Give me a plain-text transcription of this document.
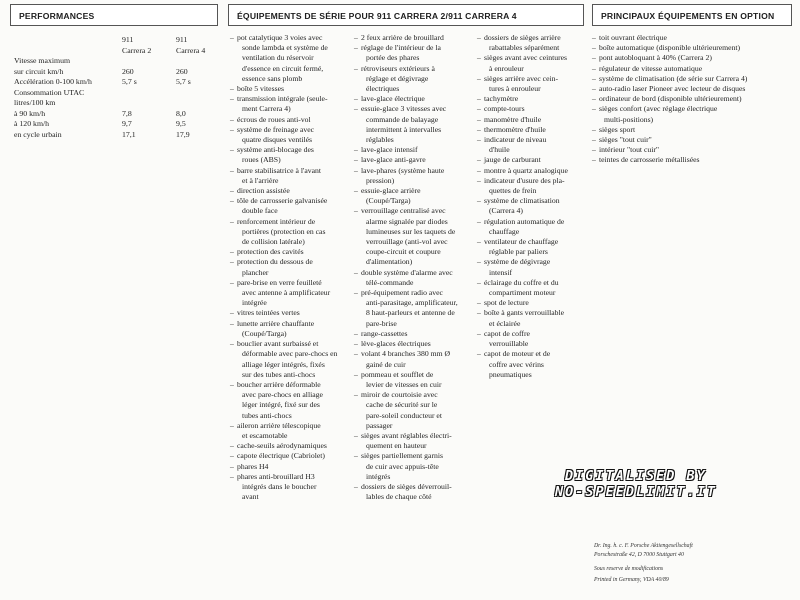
PERFORMANCES	ÉQUIPEMENTS DE SÉRIE POUR 911 CARRERA 2/911 CARRERA 4	PRINCIPAUX ÉQUIPEMENTS EN OPTION
911	911
Carrera 2	Carrera 4
Vitesse maximum
sur circuit km/h	260	260
Accélération 0-100 km/h	5,7 s	5,7 s
Consommation UTAC
litres/100 km
à 90 km/h	7,8	8,0
à 120 km/h	9,7	9,5
en cycle urbain	17,1	17,9
– pot catalytique 3 voies avec
sonde lambda et système de
ventilation du réservoir
d'essence en circuit fermé,
essence sans plomb
– boîte 5 vitesses
– transmission intégrale (seule-
ment Carrera 4)
– écrous de roues anti-vol
– système de freinage avec
quatre disques ventilés
– système anti-blocage des
roues (ABS)
– barre stabilisatrice à l'avant
et à l'arrière
– direction assistée
– tôle de carrosserie galvanisée
double face
– renforcement intérieur de
portières (protection en cas
de collision latérale)
– protection des cavités
– protection du dessous de
plancher
– pare-brise en verre feuilleté
avec antenne à amplificateur
intégrée
– vitres teintées vertes
– lunette arrière chauffante
(Coupé/Targa)
– bouclier avant surbaissé et
déformable avec pare-chocs en
alliage léger intégrés, fixés
sur des tubes anti-chocs
– boucher arrière déformable
avec pare-chocs en alliage
léger intégré, fixé sur des
tubes anti-chocs
– aileron arrière télescopique
et escamotable
– cache-seuils aérodynamiques
– capote électrique (Cabriolet)
– phares H4
– phares anti-brouillard H3
intégrés dans le boucher
avant
– 2 feux arrière de brouillard
– réglage de l'intérieur de la
portée des phares
– rétroviseurs extérieurs à
réglage et dégivrage
électriques
– lave-glace électrique
– essuie-glace 3 vitesses avec
commande de balayage
intermittent à intervalles
réglables
– lave-glace intensif
– lave-glace anti-gavre
– lave-phares (système haute
pression)
– essuie-glace arrière
(Coupé/Targa)
– verrouillage centralisé avec
alarme signalée par diodes
lumineuses sur les taquets de
verrouillage (anti-vol avec
coupe-circuit et coupure
d'alimentation)
– double système d'alarme avec
télé-commande
– pré-équipement radio avec
anti-parasitage, amplificateur,
8 haut-parleurs et antenne de
pare-brise
– range-cassettes
– lève-glaces électriques
– volant 4 branches 380 mm Ø
gainé de cuir
– pommeau et soufflet de
levier de vitesses en cuir
– miroir de courtoisie avec
cache de sécurité sur le
pare-soleil conducteur et
passager
– sièges avant réglables électri-
quement en hauteur
– sièges partiellement garnis
de cuir avec appuis-tête
intégrés
– dossiers de sièges déverrouil-
lables de chaque côté
– dossiers de sièges arrière
rabattables séparément
– sièges avant avec ceintures
à enrouleur
– sièges arrière avec cein-
tures à enrouleur
– tachymètre
– compte-tours
– manomètre d'huile
– thermomètre d'huile
– indicateur de niveau
d'huile
– jauge de carburant
– montre à quartz analogique
– indicateur d'usure des pla-
quettes de frein
– système de climatisation
(Carrera 4)
– régulation automatique de
chauffage
– ventilateur de chauffage
réglable par paliers
– système de dégivrage
intensif
– éclairage du coffre et du
compartiment moteur
– spot de lecture
– boîte à gants verrouillable
et éclairée
– capot de coffre
verrouillable
– capot de moteur et de
coffre avec vérins
pneumatiques
– toit ouvrant électrique
– boîte automatique (disponible ultérieurement)
– pont autobloquant à 40% (Carrera 2)
– régulateur de vitesse automatique
– système de climatisation (de série sur Carrera 4)
– auto-radio laser Pioneer avec lecteur de disques
– ordinateur de bord (disponible ultérieurement)
– sièges confort (avec réglage électrique
multi-positions)
– sièges sport
– sièges "tout cuir"
– intérieur "tout cuir"
– teintes de carrosserie métallisées
DIGITALISED BY
NO-SPEEDLIMIT.IT
Dr. Ing. h. c. F. Porsche Aktiengesellschaft
Porschestraße 42, D 7000 Stuttgart 40
Sous reserve de modifications
Printed in Germany, VDA 40/89
